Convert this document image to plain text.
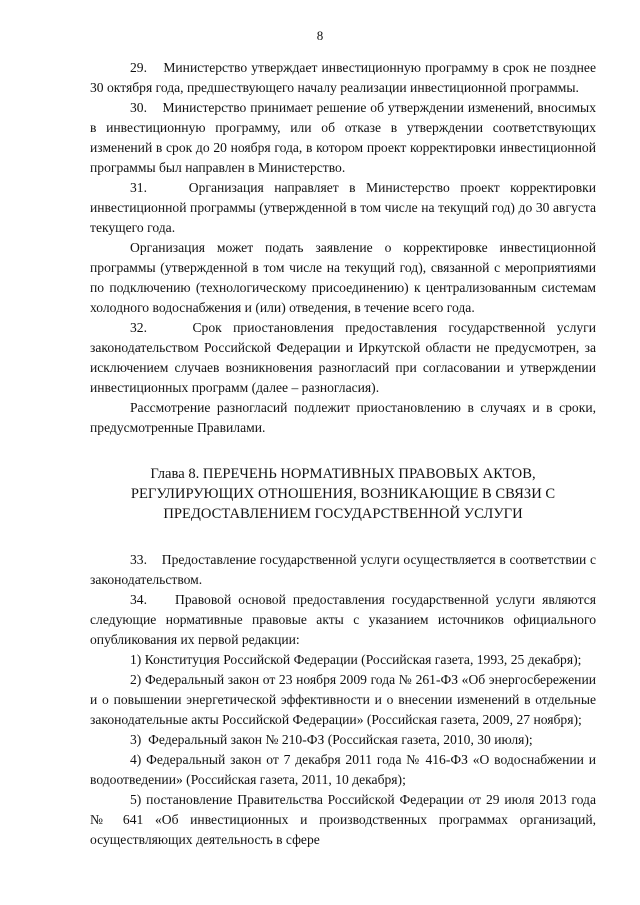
8

29.    Министерство утверждает инвестиционную программу в срок не позднее 30 октября года, предшествующего началу реализации инвестиционной программы.

30.    Министерство принимает решение об утверждении изменений, вносимых в инвестиционную программу, или об отказе в утверждении соответствующих изменений в срок до 20 ноября года, в котором проект корректировки инвестиционной программы был направлен в Министерство.

31.    Организация направляет в Министерство проект корректировки инвестиционной программы (утвержденной в том числе на текущий год) до 30 августа текущего года.

Организация может подать заявление о корректировке инвестиционной программы (утвержденной в том числе на текущий год), связанной с мероприятиями по подключению (технологическому присоединению) к централизованным системам холодного водоснабжения и (или) отведения, в течение всего года.

32.    Срок приостановления предоставления государственной услуги законодательством Российской Федерации и Иркутской области не предусмотрен, за исключением случаев возникновения разногласий при согласовании и утверждении инвестиционных программ (далее – разногласия).

Рассмотрение разногласий подлежит приостановлению в случаях и в сроки, предусмотренные Правилами.

Глава 8. ПЕРЕЧЕНЬ НОРМАТИВНЫХ ПРАВОВЫХ АКТОВ,
РЕГУЛИРУЮЩИХ ОТНОШЕНИЯ, ВОЗНИКАЮЩИЕ В СВЯЗИ С
ПРЕДОСТАВЛЕНИЕМ ГОСУДАРСТВЕННОЙ УСЛУГИ

33.    Предоставление государственной услуги осуществляется в соответствии с законодательством.

34.    Правовой основой предоставления государственной услуги являются следующие нормативные правовые акты с указанием источников официального опубликования их первой редакции:

1) Конституция Российской Федерации (Российская газета, 1993, 25 декабря);

2) Федеральный закон от 23 ноября 2009 года № 261-ФЗ «Об энергосбережении и о повышении энергетической эффективности и о внесении изменений в отдельные законодательные акты Российской Федерации» (Российская газета, 2009, 27 ноября);

3)  Федеральный закон № 210-ФЗ (Российская газета, 2010, 30 июля);

4) Федеральный закон от 7 декабря 2011 года № 416-ФЗ «О водоснабжении и водоотведении» (Российская газета, 2011, 10 декабря);

5) постановление Правительства Российской Федерации от 29 июля 2013 года № 641 «Об инвестиционных и производственных программах организаций, осуществляющих деятельность в сфере
